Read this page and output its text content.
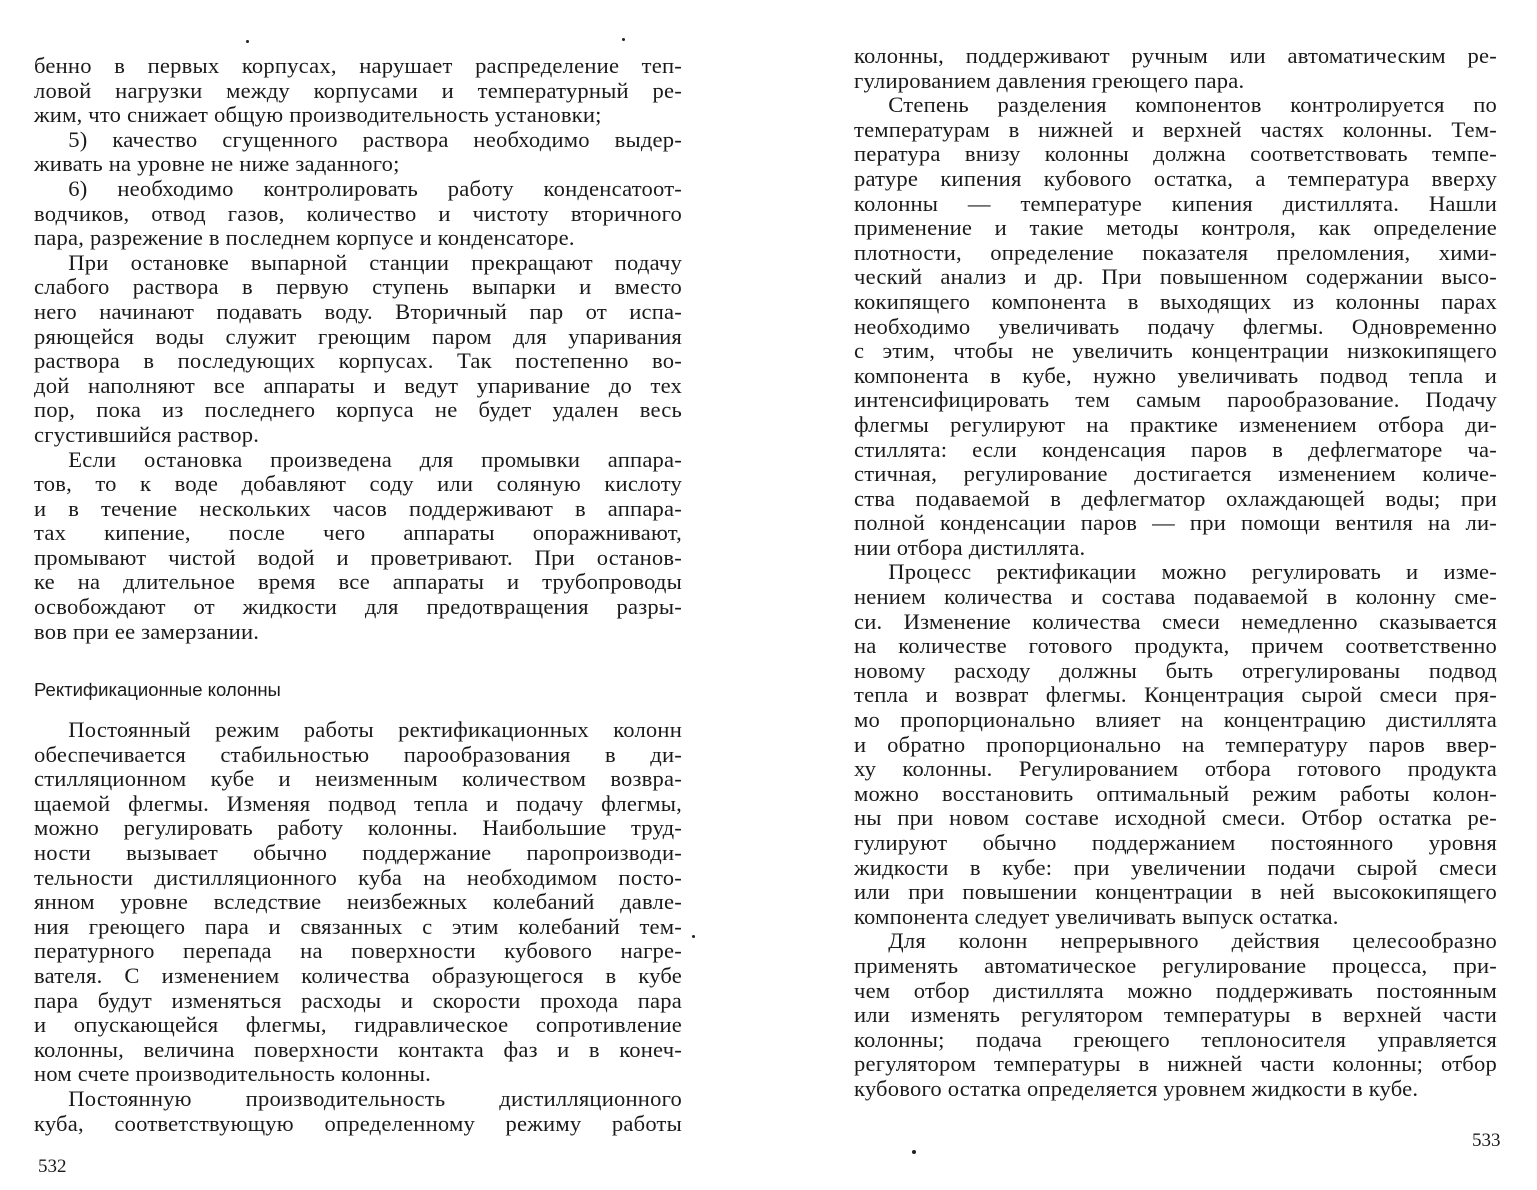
бенно в первых корпусах, нарушает распределение теп-
ловой нагрузки между корпусами и температурный ре-
жим, что снижает общую производительность установки;
  5) качество сгущенного раствора необходимо выдер-
живать на уровне не ниже заданного;
  6) необходимо контролировать работу конденсатоот-
водчиков, отвод газов, количество и чистоту вторичного
пара, разрежение в последнем корпусе и конденсаторе.
  При остановке выпарной станции прекращают подачу
слабого раствора в первую ступень выпарки и вместо
него начинают подавать воду. Вторичный пар от испа-
ряющейся воды служит греющим паром для упаривания
раствора в последующих корпусах. Так постепенно во-
дой наполняют все аппараты и ведут упаривание до тех
пор, пока из последнего корпуса не будет удален весь
сгустившийся раствор.
  Если остановка произведена для промывки аппара-
тов, то к воде добавляют соду или соляную кислоту
и в течение нескольких часов поддерживают в аппара-
тах кипение, после чего аппараты опоражнивают,
промывают чистой водой и проветривают. При останов-
ке на длительное время все аппараты и трубопроводы
освобождают от жидкости для предотвращения разры-
вов при ее замерзании.
Ректификационные колонны
  Постоянный режим работы ректификационных колонн
обеспечивается стабильностью парообразования в ди-
стилляционном кубе и неизменным количеством возвра-
щаемой флегмы. Изменяя подвод тепла и подачу флегмы,
можно регулировать работу колонны. Наибольшие труд-
ности вызывает обычно поддержание паропроизводи-
тельности дистилляционного куба на необходимом посто-
янном уровне вследствие неизбежных колебаний давле-
ния греющего пара и связанных с этим колебаний тем-
пературного перепада на поверхности кубового нагре-
вателя. С изменением количества образующегося в кубе
пара будут изменяться расходы и скорости прохода пара
и опускающейся флегмы, гидравлическое сопротивление
колонны, величина поверхности контакта фаз и в конеч-
ном счете производительность колонны.
  Постоянную производительность дистилляционного
куба, соответствующую определенному режиму работы
532
колонны, поддерживают ручным или автоматическим ре-
гулированием давления греющего пара.
  Степень разделения компонентов контролируется по
температурам в нижней и верхней частях колонны. Тем-
пература внизу колонны должна соответствовать темпе-
ратуре кипения кубового остатка, а температура вверху
колонны — температуре кипения дистиллята. Нашли
применение и такие методы контроля, как определение
плотности, определение показателя преломления, хими-
ческий анализ и др. При повышенном содержании высо-
кокипящего компонента в выходящих из колонны парах
необходимо увеличивать подачу флегмы. Одновременно
с этим, чтобы не увеличить концентрации низкокипящего
компонента в кубе, нужно увеличивать подвод тепла и
интенсифицировать тем самым парообразование. Подачу
флегмы регулируют на практике изменением отбора ди-
стиллята: если конденсация паров в дефлегматоре ча-
стичная, регулирование достигается изменением количе-
ства подаваемой в дефлегматор охлаждающей воды; при
полной конденсации паров — при помощи вентиля на ли-
нии отбора дистиллята.
  Процесс ректификации можно регулировать и изме-
нением количества и состава подаваемой в колонну сме-
си. Изменение количества смеси немедленно сказывается
на количестве готового продукта, причем соответственно
новому расходу должны быть отрегулированы подвод
тепла и возврат флегмы. Концентрация сырой смеси пря-
мо пропорционально влияет на концентрацию дистиллята
и обратно пропорционально на температуру паров ввер-
ху колонны. Регулированием отбора готового продукта
можно восстановить оптимальный режим работы колон-
ны при новом составе исходной смеси. Отбор остатка ре-
гулируют обычно поддержанием постоянного уровня
жидкости в кубе: при увеличении подачи сырой смеси
или при повышении концентрации в ней высококипящего
компонента следует увеличивать выпуск остатка.
  Для колонн непрерывного действия целесообразно
применять автоматическое регулирование процесса, при-
чем отбор дистиллята можно поддерживать постоянным
или изменять регулятором температуры в верхней части
колонны; подача греющего теплоносителя управляется
регулятором температуры в нижней части колонны; отбор
кубового остатка определяется уровнем жидкости в кубе.
533
